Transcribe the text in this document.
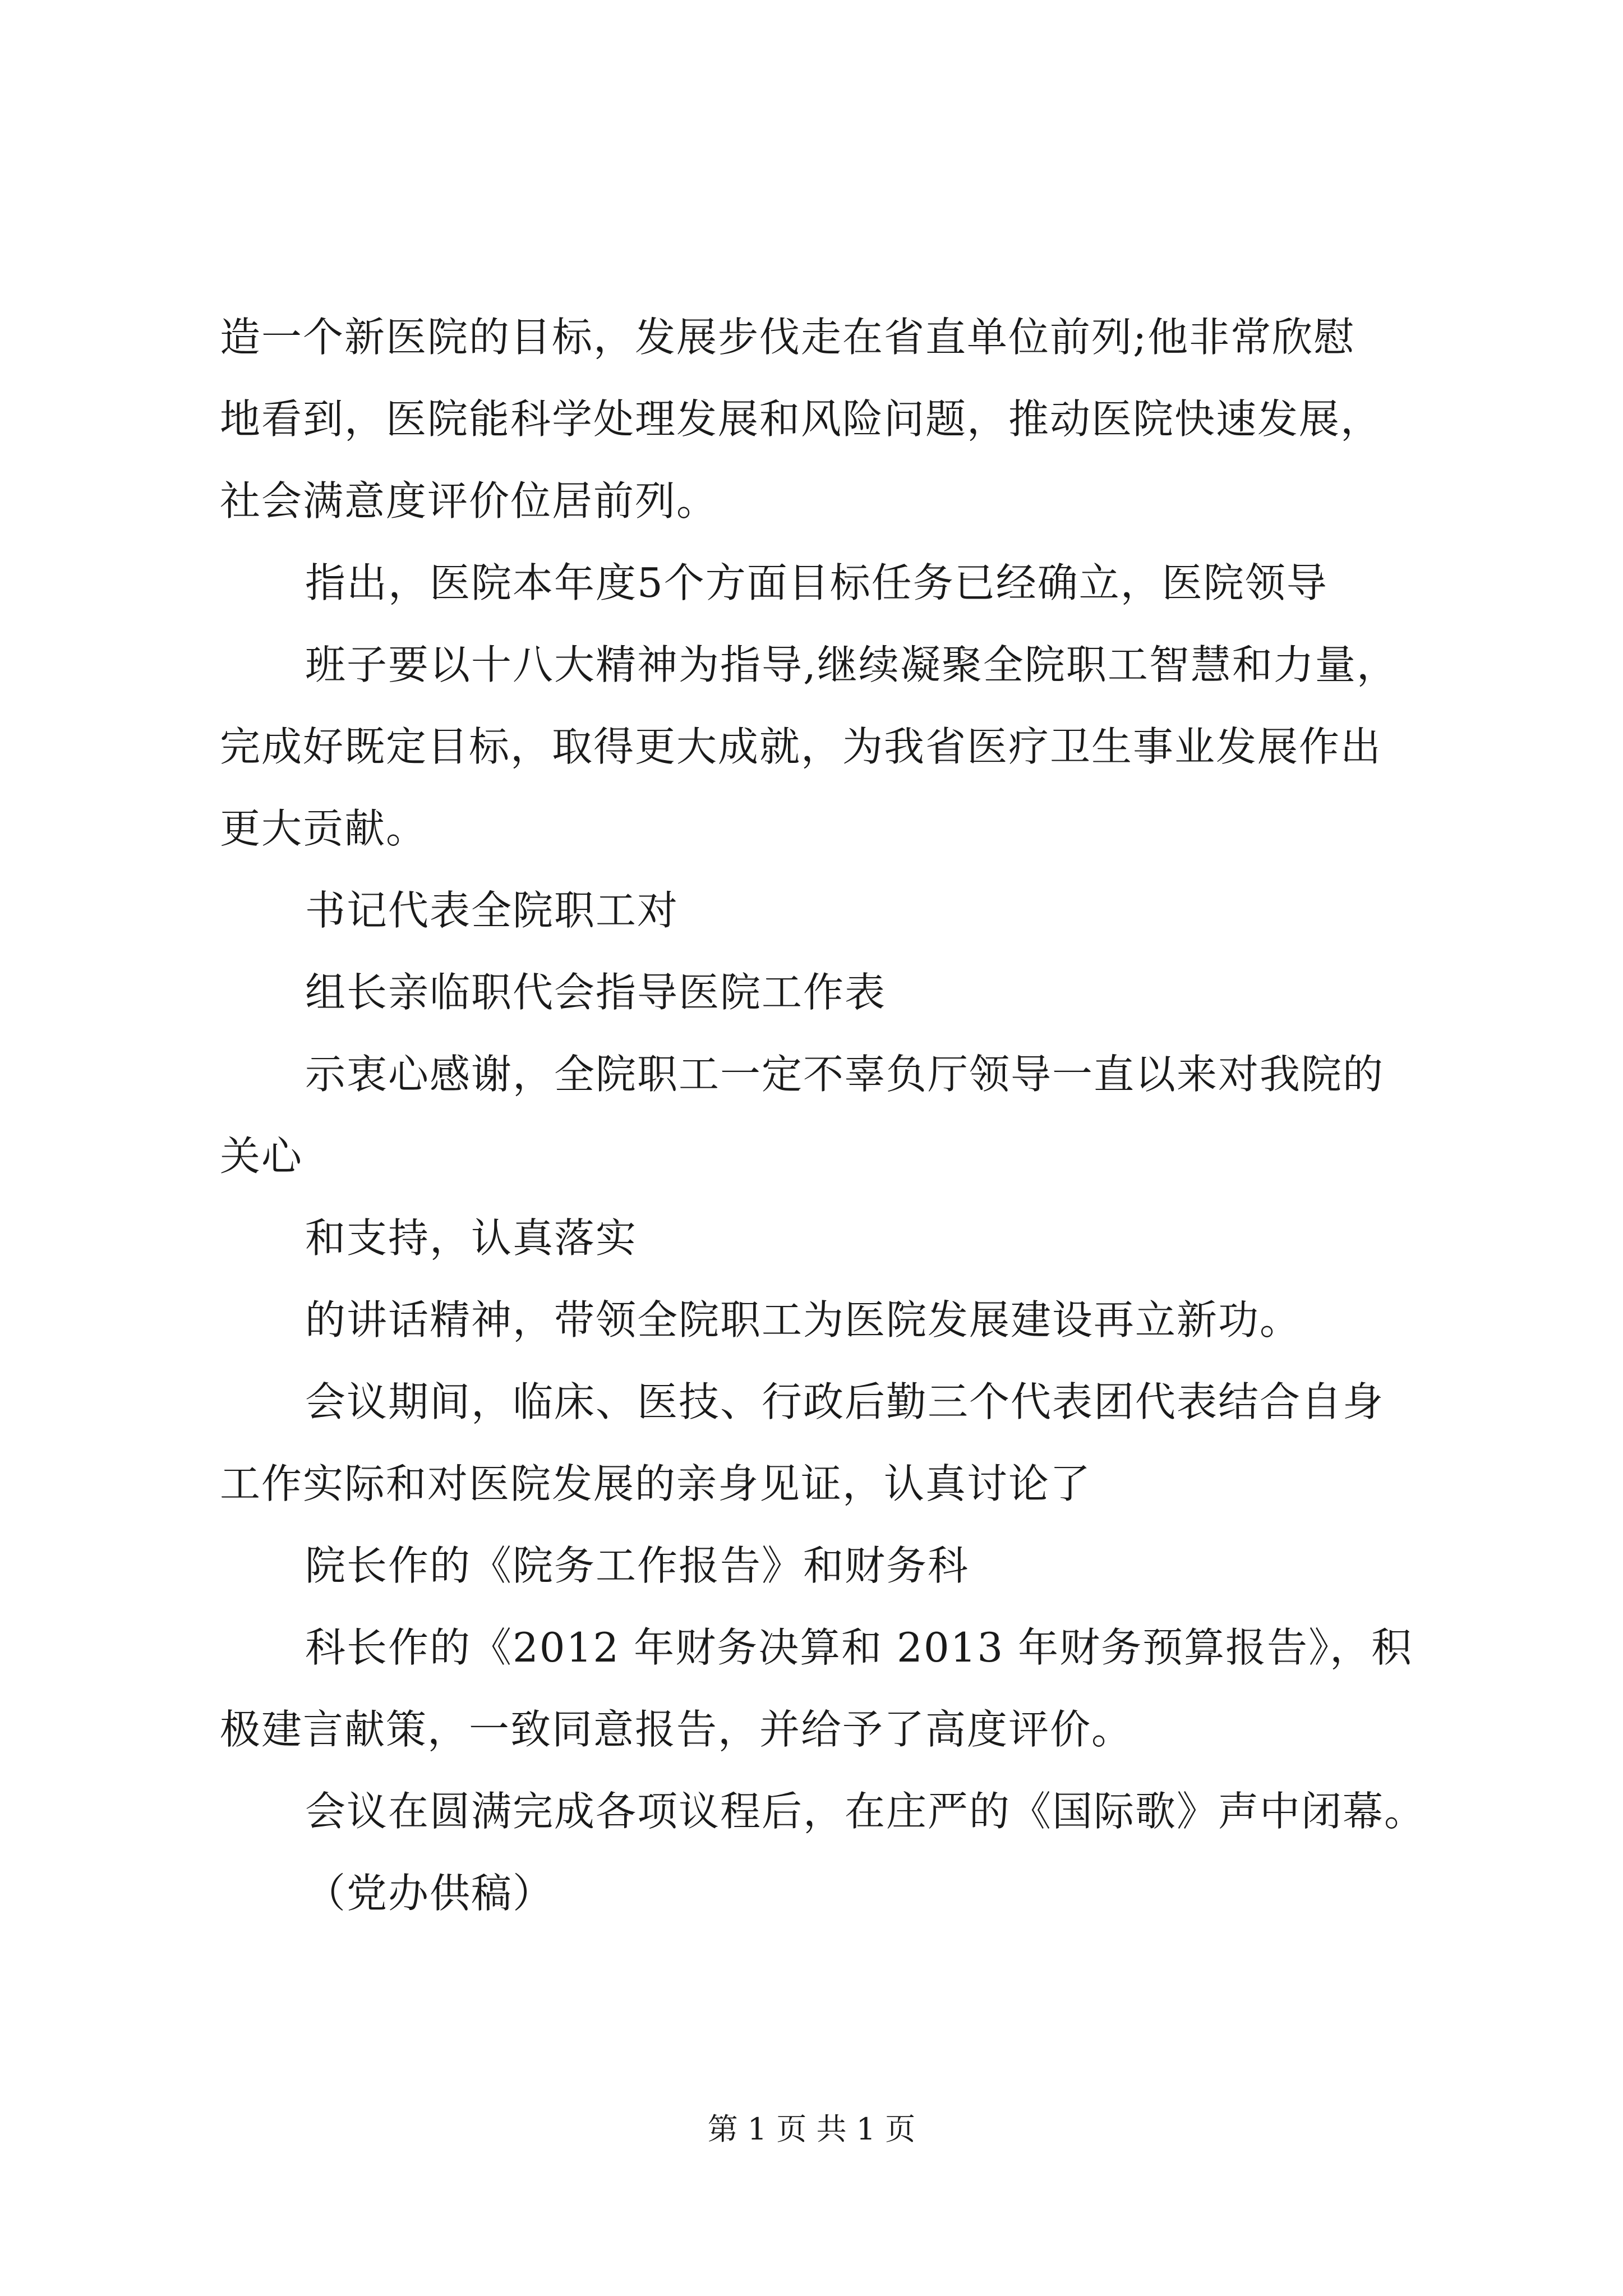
造一个新医院的目标，发展步伐走在省直单位前列;他非常欣慰
地看到，医院能科学处理发展和风险问题，推动医院快速发展，
社会满意度评价位居前列。
指出，医院本年度5个方面目标任务已经确立，医院领导
班子要以十八大精神为指导,继续凝聚全院职工智慧和力量，
完成好既定目标，取得更大成就，为我省医疗卫生事业发展作出
更大贡献。
书记代表全院职工对
组长亲临职代会指导医院工作表
示衷心感谢，全院职工一定不辜负厅领导一直以来对我院的
关心
和支持，认真落实
的讲话精神，带领全院职工为医院发展建设再立新功。
会议期间，临床、医技、行政后勤三个代表团代表结合自身
工作实际和对医院发展的亲身见证，认真讨论了
院长作的《院务工作报告》和财务科
科长作的《2012 年财务决算和 2013 年财务预算报告》，积
极建言献策，一致同意报告，并给予了高度评价。
会议在圆满完成各项议程后，在庄严的《国际歌》声中闭幕。
（党办供稿）
第 1 页 共 1 页
